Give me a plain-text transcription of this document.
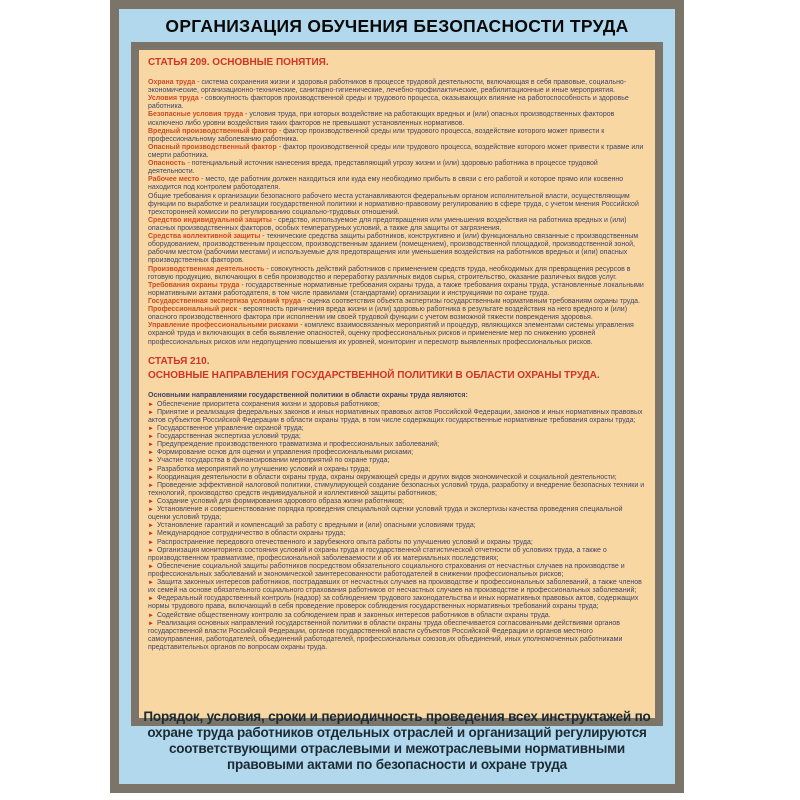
ОРГАНИЗАЦИЯ ОБУЧЕНИЯ БЕЗОПАСНОСТИ ТРУДА

СТАТЬЯ 209. ОСНОВНЫЕ ПОНЯТИЯ.

Охрана труда - система сохранения жизни и здоровья работников в процессе трудовой деятельности, включающая в себя правовые, социально-экономические, организационно-технические, санитарно-гигиенические, лечебно-профилактические, реабилитационные и иные мероприятия.

Условия труда - совокупность факторов производственной среды и трудового процесса, оказывающих влияние на работоспособность и здоровье работника.

Безопасные условия труда - условия труда, при которых воздействие на работающих вредных и (или) опасных производственных факторов исключено либо уровни воздействия таких факторов не превышают установленных нормативов.

Вредный производственный фактор - фактор производственной среды или трудового процесса, воздействие которого может привести к профессиональному заболеванию работника.

Опасный производственный фактор - фактор производственной среды или трудового процесса, воздействие которого может привести к травме или смерти работника.

Опасность - потенциальный источник нанесения вреда, представляющий угрозу жизни и (или) здоровью работника в процессе трудовой деятельности.

Рабочее место - место, где работник должен находиться или куда ему необходимо прибыть в связи с его работой и которое прямо или косвенно находится под контролем работодателя.

Общие требования к организации безопасного рабочего места устанавливаются федеральным органом исполнительной власти, осуществляющим функции по выработке и реализации государственной политики и нормативно-правовому регулированию в сфере труда, с учетом мнения Российской трехсторонней комиссии по регулированию социально-трудовых отношений.

Средство индивидуальной защиты - средство, используемое для предотвращения или уменьшения воздействия на работника вредных и (или) опасных производственных факторов, особых температурных условий, а также для защиты от загрязнения.

Средства коллективной защиты - технические средства защиты работников, конструктивно и (или) функционально связанные с производственным оборудованием, производственным процессом, производственным зданием (помещением), производственной площадкой, производственной зоной, рабочим местом (рабочими местами) и используемые для предотвращения или уменьшения воздействия на работников вредных и (или) опасных производственных факторов.

Производственная деятельность - совокупность действий работников с применением средств труда, необходимых для превращения ресурсов в готовую продукцию, включающих в себя производство и переработку различных видов сырья, строительство, оказание различных видов услуг.

Требования охраны труда - государственные нормативные требования охраны труда, а также требования охраны труда, установленные локальными нормативными актами работодателя, в том числе правилами (стандартами) организации и инструкциями по охране труда.

Государственная экспертиза условий труда - оценка соответствия объекта экспертизы государственным нормативным требованиям охраны труда.

Профессиональный риск - вероятность причинения вреда жизни и (или) здоровью работника в результате воздействия на него вредного и (или) опасного производственного фактора при исполнении им своей трудовой функции с учетом возможной тяжести повреждения здоровья.

Управление профессиональными рисками - комплекс взаимосвязанных мероприятий и процедур, являющихся элементами системы управления охраной труда и включающих в себя выявление опасностей, оценку профессиональных рисков и применение мер по снижению уровней профессиональных рисков или недопущению повышения их уровней, мониторинг и пересмотр выявленных профессиональных рисков.

СТАТЬЯ 210.

ОСНОВНЫЕ НАПРАВЛЕНИЯ ГОСУДАРСТВЕННОЙ ПОЛИТИКИ В ОБЛАСТИ ОХРАНЫ ТРУДА.

Основными направлениями государственной политики в области охраны труда являются:

► Обеспечение приоритета сохранения жизни и здоровья работников;

► Принятие и реализация федеральных законов и иных нормативных правовых актов Российской Федерации, законов и иных нормативных правовых актов субъектов Российской Федерации в области охраны труда, в том числе содержащих государственные нормативные требования охраны труда;

► Государственное управление охраной труда;

► Государственная экспертиза условий труда;

► Предупреждение производственного травматизма и профессиональных заболеваний;

► Формирование основ для оценки и управления профессиональными рисками;

► Участие государства в финансировании мероприятий по охране труда;

► Разработка мероприятий по улучшению условий и охраны труда;

► Координация деятельности в области охраны труда, охраны окружающей среды и других видов экономической и социальной деятельности;

► Проведение эффективной налоговой политики, стимулирующей создание безопасных условий труда, разработку и внедрение безопасных техники и технологий, производство средств индивидуальной и коллективной защиты работников;

► Создание условий для формирования здорового образа жизни работников;

► Установление и совершенствование порядка проведения специальной оценки условий труда и экспертизы качества проведения специальной оценки условий труда;

► Установление гарантий и компенсаций за работу с вредными и (или) опасными условиями труда;

► Международное сотрудничество в области охраны труда;

► Распространение передового отечественного и зарубежного опыта работы по улучшению условий и охраны труда;

► Организация мониторинга состояния условий и охраны труда и государственной статистической отчетности об условиях труда, а также о производственном травматизме, профессиональной заболеваемости и об их материальных последствиях;

► Обеспечение социальной защиты работников посредством обязательного социального страхования от несчастных случаев на производстве и профессиональных заболеваний и экономической заинтересованности работодателей в снижении профессиональных рисков;

► Защита законных интересов работников, пострадавших от несчастных случаев на производстве и профессиональных заболеваний, а также членов их семей на основе обязательного социального страхования работников от несчастных случаев на производстве и профессиональных заболеваний;

► Федеральный государственный контроль (надзор) за соблюдением трудового законодательства и иных нормативных правовых актов, содержащих нормы трудового права, включающий в себя проведение проверок соблюдения государственных нормативных требований охраны труда;

► Содействие общественному контролю за соблюдением прав и законных интересов работников в области охраны труда.

► Реализация основных направлений государственной политики в области охраны труда обеспечивается согласованными действиями органов государственной власти Российской Федерации, органов государственной власти субъектов Российской Федерации и органов местного самоуправления, работодателей, объединений работодателей, профессиональных союзов,их объединений, иных уполномоченных работниками представительных органов по вопросам охраны труда.

Порядок, условия, сроки и периодичность проведения всех инструктажей по охране труда работников отдельных отраслей и организаций регулируются соответствующими отраслевыми и межотраслевыми нормативными правовыми актами по безопасности и охране труда
